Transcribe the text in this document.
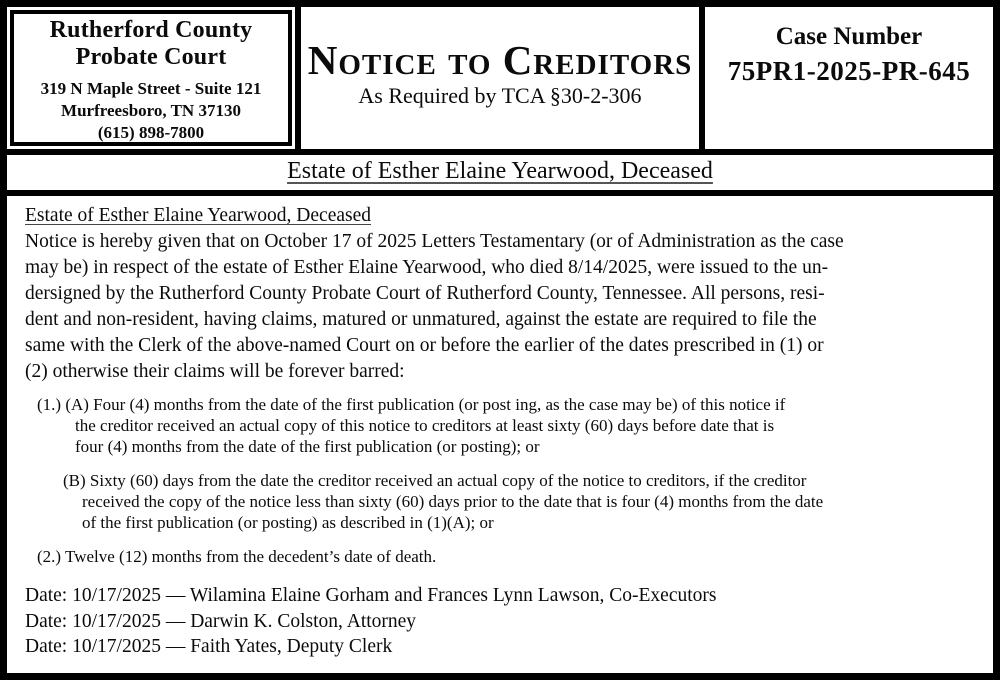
Rutherford County
Probate Court
319 N Maple Street - Suite 121
Murfreesboro, TN 37130
(615) 898-7800
Notice to Creditors
As Required by TCA §30-2-306
Case Number
75PR1-2025-PR-645
Estate of Esther Elaine Yearwood, Deceased
Estate of Esther Elaine Yearwood, Deceased
Notice is hereby given that on October 17 of 2025 Letters Testamentary (or of Administration as the case
may be) in respect of the estate of Esther Elaine Yearwood, who died 8/14/2025, were issued to the un-
dersigned by the Rutherford County Probate Court of Rutherford County, Tennessee. All persons, resi-
dent and non-resident, having claims, matured or unmatured, against the estate are required to file the
same with the Clerk of the above-named Court on or before the earlier of the dates prescribed in (1) or
(2) otherwise their claims will be forever barred:
(1.) (A) Four (4) months from the date of the first publication (or post ing, as the case may be) of this notice if
the creditor received an actual copy of this notice to creditors at least sixty (60) days before date that is
four (4) months from the date of the first publication (or posting); or
(B) Sixty (60) days from the date the creditor received an actual copy of the notice to creditors, if the creditor
received the copy of the notice less than sixty (60) days prior to the date that is four (4) months from the date
of the first publication (or posting) as described in (1)(A); or
(2.) Twelve (12) months from the decedent’s date of death.
Date: 10/17/2025 — Wilamina Elaine Gorham and Frances Lynn Lawson, Co-Executors
Date: 10/17/2025 — Darwin K. Colston, Attorney
Date: 10/17/2025 — Faith Yates, Deputy Clerk
